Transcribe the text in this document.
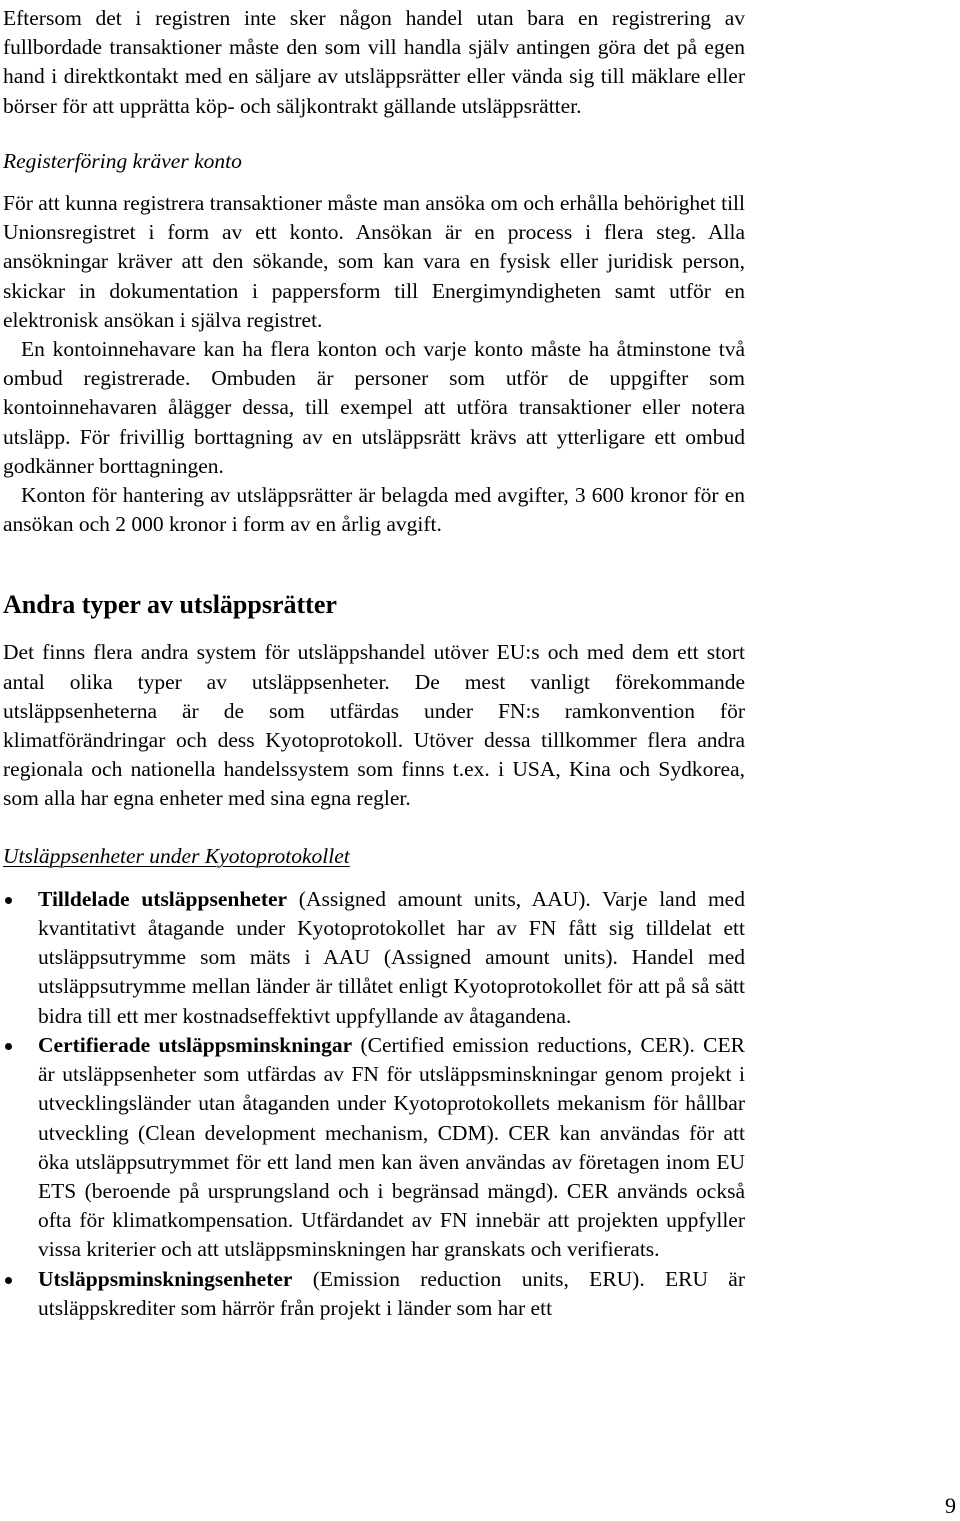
Eftersom det i registren inte sker någon handel utan bara en registrering av fullbordade transaktioner måste den som vill handla själv antingen göra det på egen hand i direktkontakt med en säljare av utsläppsrätter eller vända sig till mäklare eller börser för att upprätta köp- och säljkontrakt gällande utsläppsrätter.

Registerföring kräver konto

För att kunna registrera transaktioner måste man ansöka om och erhålla behörighet till Unionsregistret i form av ett konto. Ansökan är en process i flera steg. Alla ansökningar kräver att den sökande, som kan vara en fysisk eller juridisk person, skickar in dokumentation i pappersform till Energimyndigheten samt utför en elektronisk ansökan i själva registret.

En kontoinnehavare kan ha flera konton och varje konto måste ha åtminstone två ombud registrerade. Ombuden är personer som utför de uppgifter som kontoinnehavaren ålägger dessa, till exempel att utföra transaktioner eller notera utsläpp. För frivillig borttagning av en utsläppsrätt krävs att ytterligare ett ombud godkänner borttagningen.

Konton för hantering av utsläppsrätter är belagda med avgifter, 3 600 kronor för en ansökan och 2 000 kronor i form av en årlig avgift.

Andra typer av utsläppsrätter

Det finns flera andra system för utsläppshandel utöver EU:s och med dem ett stort antal olika typer av utsläppsenheter. De mest vanligt förekommande utsläppsenheterna är de som utfärdas under FN:s ramkonvention för klimatförändringar och dess Kyotoprotokoll. Utöver dessa tillkommer flera andra regionala och nationella handelssystem som finns t.ex. i USA, Kina och Sydkorea, som alla har egna enheter med sina egna regler.

Utsläppsenheter under Kyotoprotokollet

Tilldelade utsläppsenheter (Assigned amount units, AAU). Varje land med kvantitativt åtagande under Kyotoprotokollet har av FN fått sig tilldelat ett utsläppsutrymme som mäts i AAU (Assigned amount units). Handel med utsläppsutrymme mellan länder är tillåtet enligt Kyotoprotokollet för att på så sätt bidra till ett mer kostnadseffektivt uppfyllande av åtagandena.
Certifierade utsläppsminskningar (Certified emission reductions, CER). CER är utsläppsenheter som utfärdas av FN för utsläppsminskningar genom projekt i utvecklingsländer utan åtaganden under Kyotoprotokollets mekanism för hållbar utveckling (Clean development mechanism, CDM). CER kan användas för att öka utsläppsutrymmet för ett land men kan även användas av företagen inom EU ETS (beroende på ursprungsland och i begränsad mängd). CER används också ofta för klimatkompensation. Utfärdandet av FN innebär att projekten uppfyller vissa kriterier och att utsläppsminskningen har granskats och verifierats.
Utsläppsminskningsenheter (Emission reduction units, ERU). ERU är utsläppskrediter som härrör från projekt i länder som har ett
9
